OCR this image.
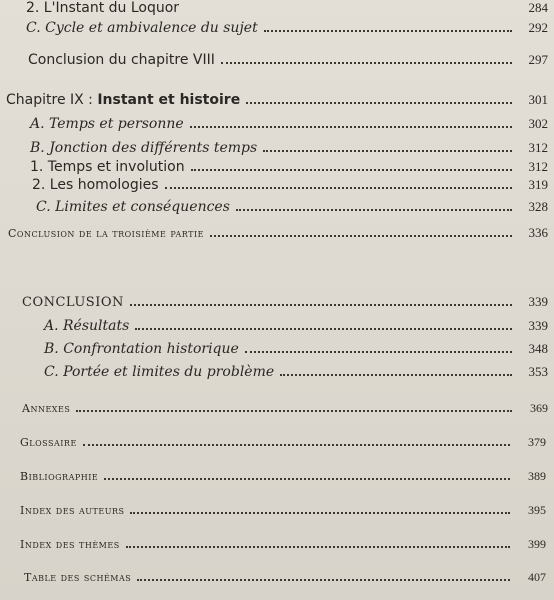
2. L'Instant du Loquor	284
C. Cycle et ambivalence du sujet	292
Conclusion du chapitre VIII	297
Chapitre IX : Instant et histoire	301
A. Temps et personne	302
B. Jonction des différents temps	312
1. Temps et involution	312
2. Les homologies	319
C. Limites et conséquences	328
Conclusion de la troisième partie	336
CONCLUSION	339
A. Résultats	339
B. Confrontation historique	348
C. Portée et limites du problème	353
Annexes	369
Glossaire	379
Bibliographie	389
Index des auteurs	395
Index des thèmes	399
Table des schémas	407
